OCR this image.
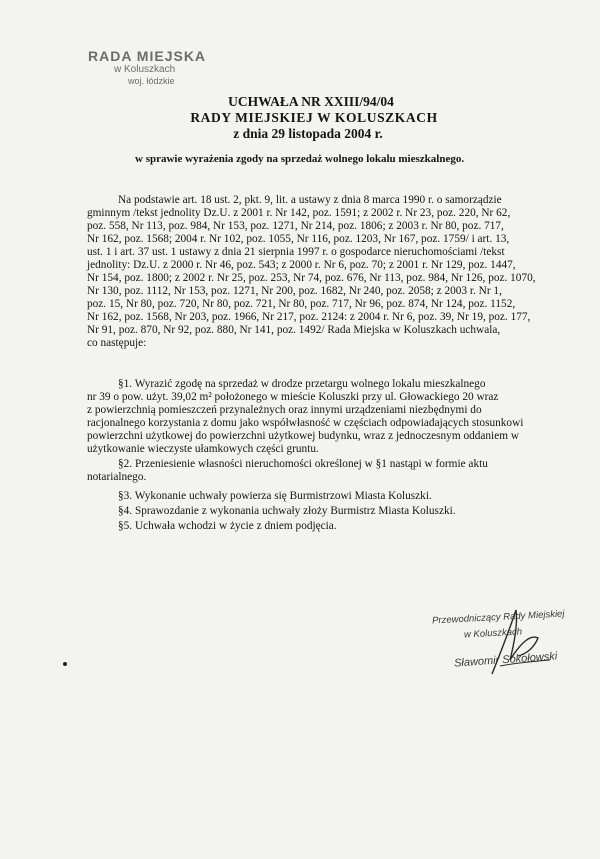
RADA MIEJSKA
w Koluszkach
woj. łódzkie
UCHWAŁA NR XXIII/94/04
RADY MIEJSKIEJ W KOLUSZKACH
z dnia 29 listopada 2004 r.
w sprawie wyrażenia zgody na sprzedaż wolnego lokalu mieszkalnego.
Na podstawie art. 18 ust. 2, pkt. 9, lit. a ustawy z dnia 8 marca 1990 r. o samorządzie
gminnym /tekst jednolity Dz.U. z 2001 r. Nr 142, poz. 1591; z 2002 r. Nr 23, poz. 220, Nr 62,
poz. 558, Nr 113, poz. 984, Nr 153, poz. 1271, Nr 214, poz. 1806; z 2003 r. Nr 80, poz. 717,
Nr 162, poz. 1568; 2004 r. Nr 102, poz. 1055, Nr 116, poz. 1203, Nr 167, poz. 1759/ i art. 13,
ust. 1 i art. 37 ust. 1 ustawy z dnia 21 sierpnia 1997 r. o gospodarce nieruchomościami /tekst
jednolity: Dz.U. z 2000 r. Nr 46, poz. 543; z 2000 r. Nr 6, poz. 70; z 2001 r. Nr 129, poz. 1447,
Nr 154, poz. 1800; z 2002 r. Nr 25, poz. 253, Nr 74, poz. 676, Nr 113, poz. 984, Nr 126, poz. 1070,
Nr 130, poz. 1112, Nr 153, poz. 1271, Nr 200, poz. 1682, Nr 240, poz. 2058; z 2003 r. Nr 1,
poz. 15, Nr 80, poz. 720, Nr 80, poz. 721, Nr 80, poz. 717, Nr 96, poz. 874, Nr 124, poz. 1152,
Nr 162, poz. 1568, Nr 203, poz. 1966, Nr 217, poz. 2124: z 2004 r. Nr 6, poz. 39, Nr 19, poz. 177,
Nr 91, poz. 870, Nr 92, poz. 880, Nr 141, poz. 1492/ Rada Miejska w Koluszkach uchwala,
co następuje:
§1. Wyrazić zgodę na sprzedaż w drodze przetargu wolnego lokalu mieszkalnego
nr 39 o pow. użyt. 39,02 m² położonego w mieście Koluszki przy ul. Głowackiego 20 wraz
z powierzchnią pomieszczeń przynależnych oraz innymi urządzeniami niezbędnymi do
racjonalnego korzystania z domu jako współwłasność w częściach odpowiadających stosunkowi
powierzchni użytkowej do powierzchni użytkowej budynku, wraz z jednoczesnym oddaniem w
użytkowanie wieczyste ułamkowych części gruntu.
§2. Przeniesienie własności nieruchomości określonej w §1 nastąpi w formie aktu
notarialnego.
§3. Wykonanie uchwały powierza się Burmistrzowi Miasta Koluszki.
§4. Sprawozdanie z wykonania uchwały złoży Burmistrz Miasta Koluszki.
§5. Uchwała wchodzi w życie z dniem podjęcia.
Przewodniczący Rady Miejskiej
w Koluszkach
Sławomir Sokołowski
